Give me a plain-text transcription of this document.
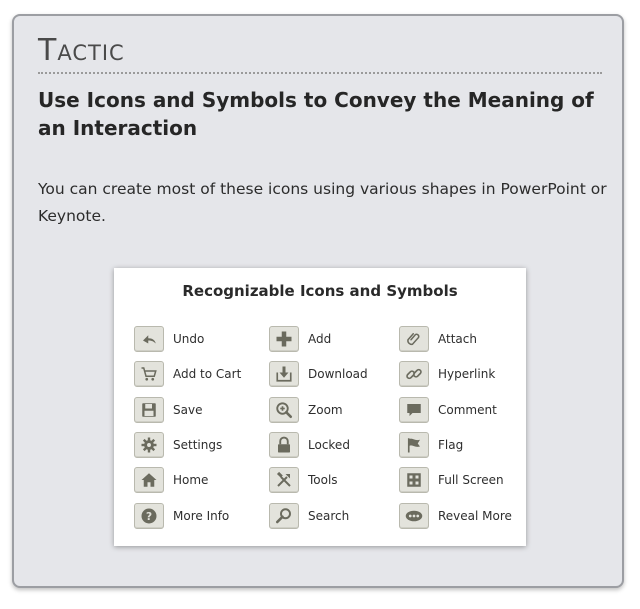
Tactic
Use Icons and Symbols to Convey the Meaning of an Interaction
You can create most of these icons using various shapes in PowerPoint or Keynote.
Recognizable Icons and Symbols
Undo
Add to Cart
Save
Settings
Home
? More Info
Add
Download
Zoom
Locked
Tools
Search
Attach
Hyperlink
Comment
Flag
Full Screen
Reveal More
